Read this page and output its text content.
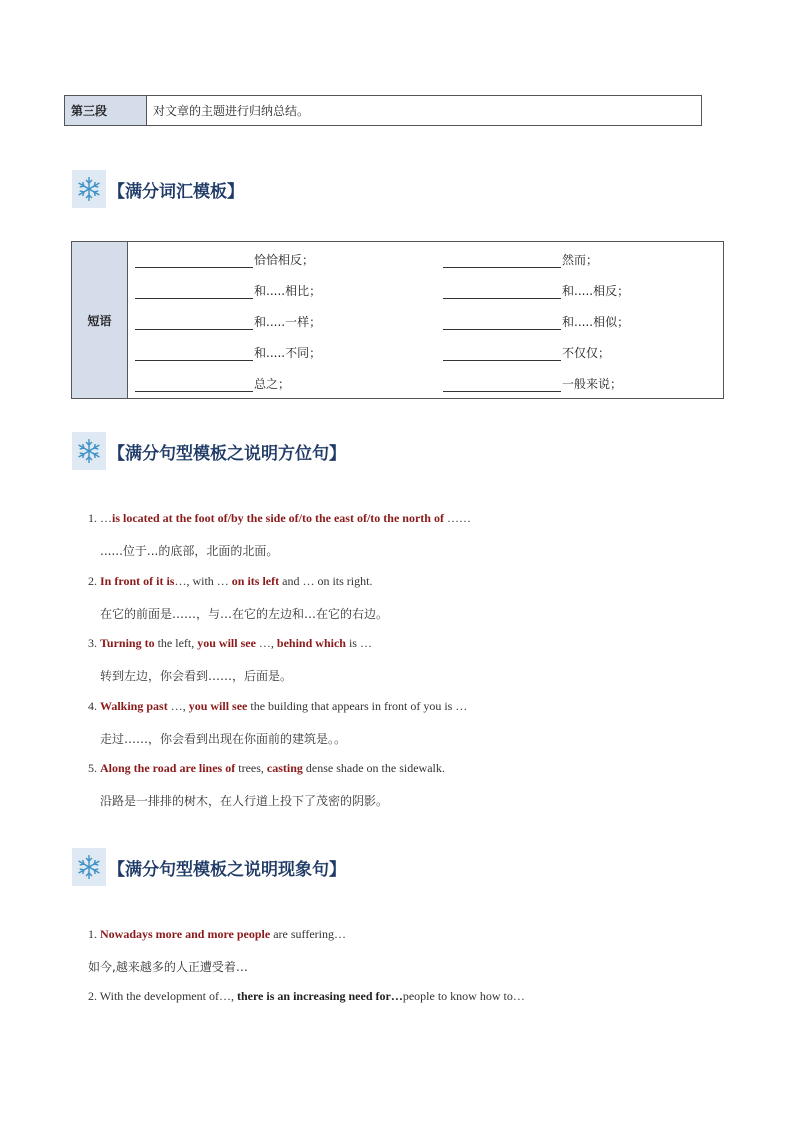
第三段	对文章的主题进行归纳总结。
【满分词汇模板】
短语
恰恰相反；
和.....相比；
和.....一样；
和.....不同；
总之；
然而；
和.....相反；
和.....相似；
不仅仅；
一般来说；
【满分句型模板之说明方位句】
1. …is located at the foot of/by the side of/to the east of/to the north of ……
......位于...的底部，北面的北面。
2. In front of it is…, with … on its left and … on its right.
在它的前面是……，与…在它的左边和…在它的右边。
3. Turning to the left, you will see …, behind which is …
转到左边，你会看到……，后面是。
4. Walking past …, you will see the building that appears in front of you is …
走过……，你会看到出现在你面前的建筑是。。
5. Along the road are lines of trees, casting dense shade on the sidewalk.
沿路是一排排的树木，在人行道上投下了茂密的阴影。
【满分句型模板之说明现象句】
1. Nowadays more and more people are suffering…
如今,越来越多的人正遭受着…
2. With the development of…, there is an increasing need for…people to know how to…
